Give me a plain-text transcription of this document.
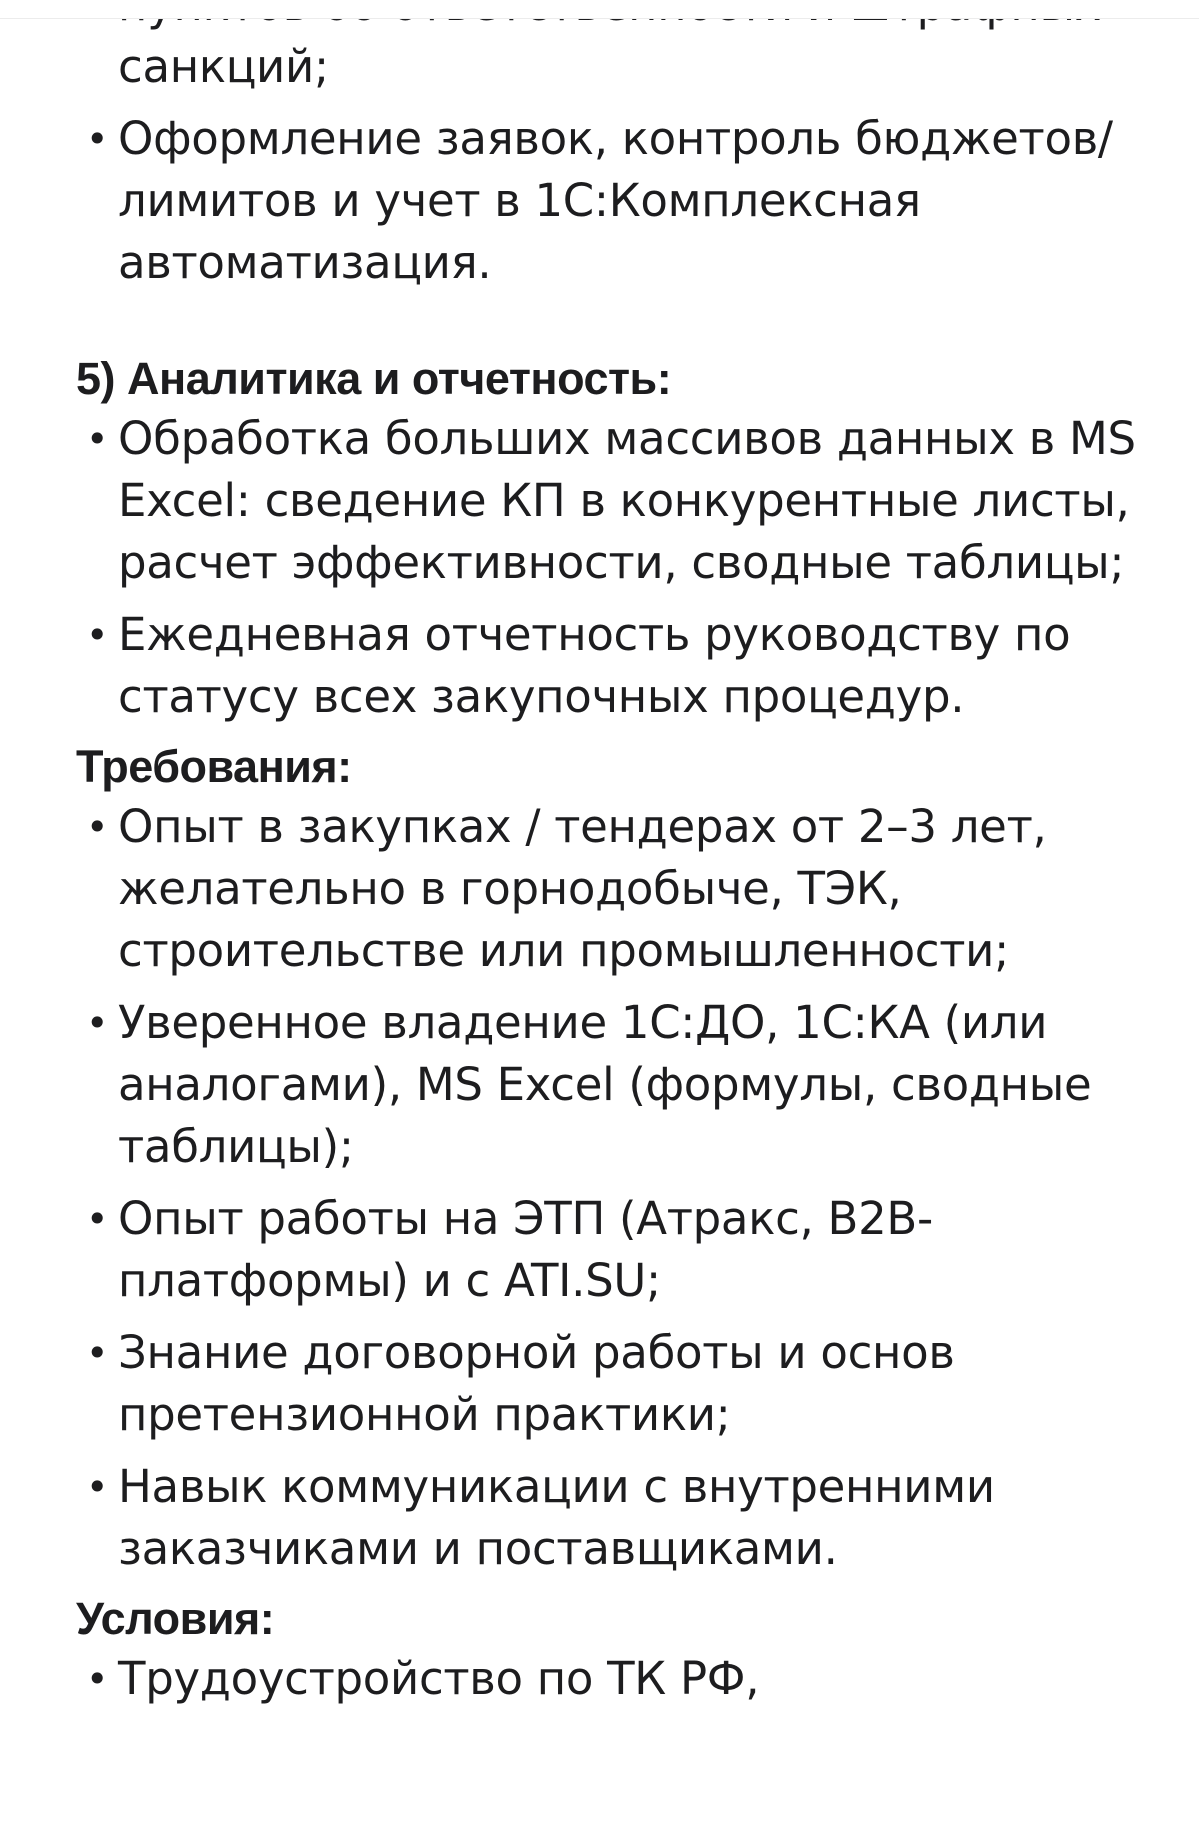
санкций;
• Оформление заявок, контроль бюджетов/лимитов и учет в 1С:Комплексная автоматизация.
5) Аналитика и отчетность:
• Обработка больших массивов данных в MS Excel: сведение КП в конкурентные листы, расчет эффективности, сводные таблицы;
• Ежедневная отчетность руководству по статусу всех закупочных процедур.
Требования:
• Опыт в закупках / тендерах от 2–3 лет, желательно в горнодобыче, ТЭК, строительстве или промышленности;
• Уверенное владение 1С:ДО, 1С:КА (или аналогами), MS Excel (формулы, сводные таблицы);
• Опыт работы на ЭТП (Атракс, B2B-платформы) и с ATI.SU;
• Знание договорной работы и основ претензионной практики;
• Навык коммуникации с внутренними заказчиками и поставщиками.
Условия:
• Трудоустройство по ТК РФ,
